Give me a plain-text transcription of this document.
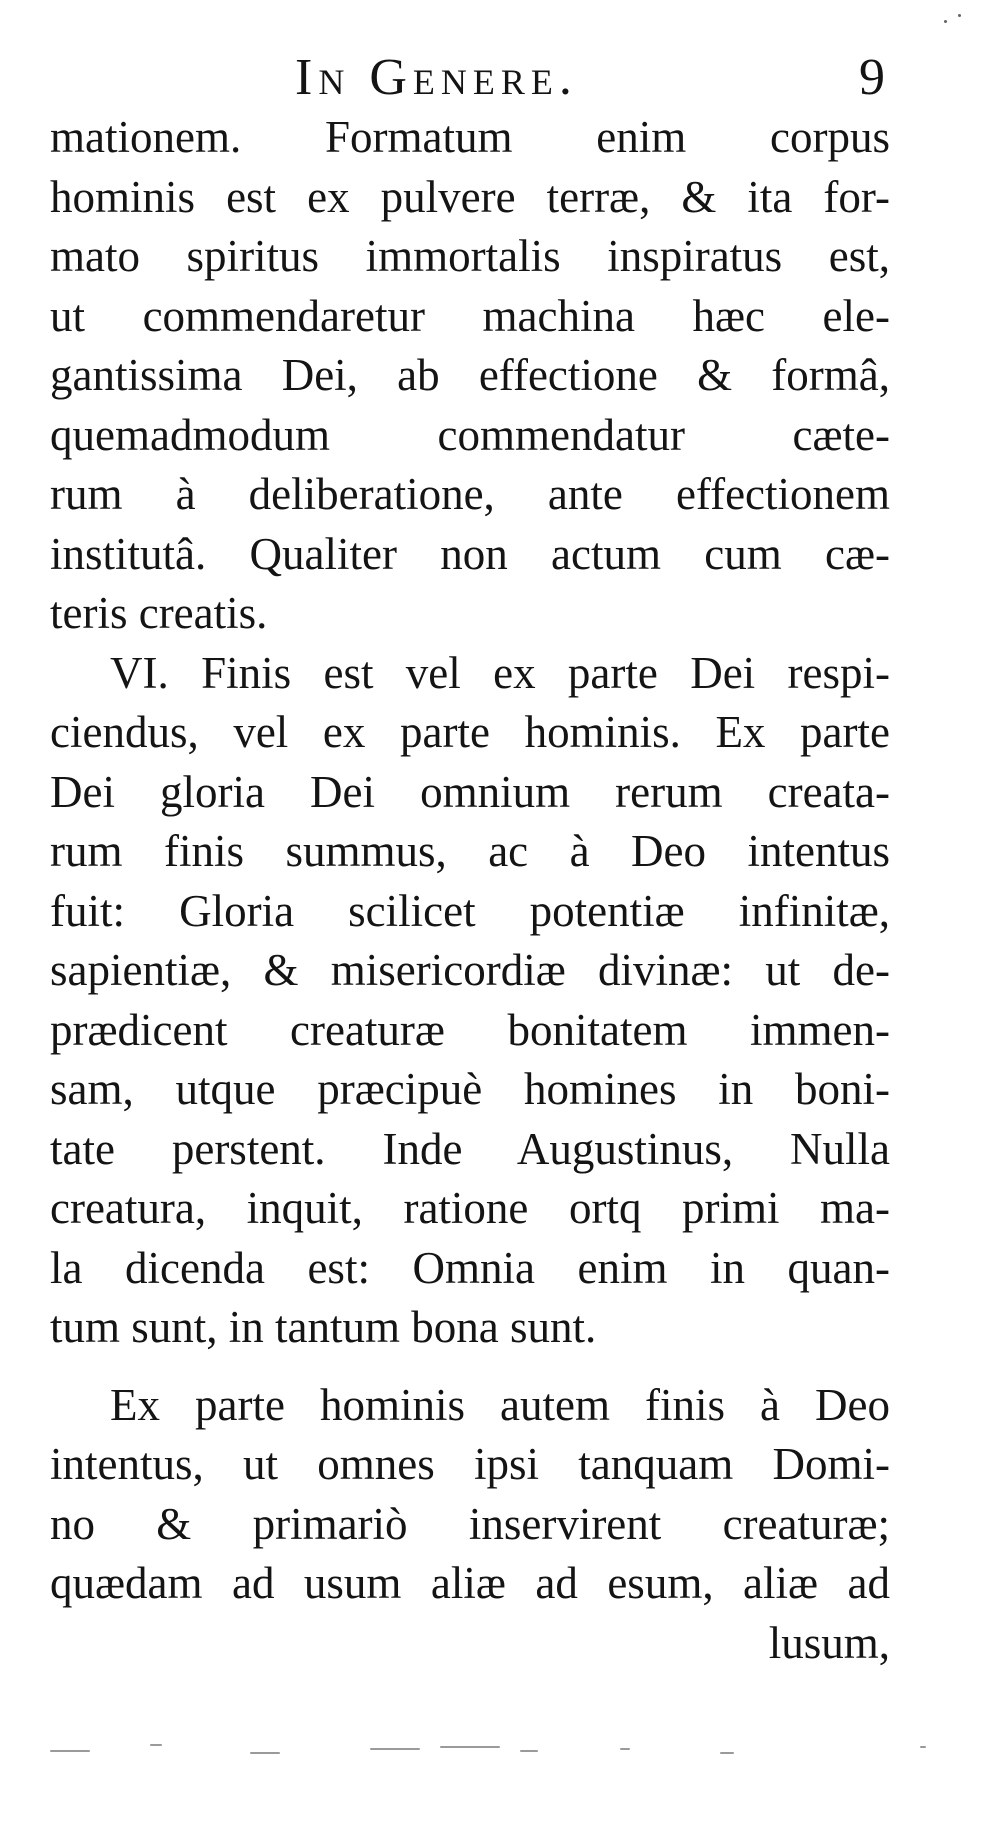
In Genere.	9
mationem. Formatum enim corpus
hominis est ex pulvere terræ, & ita for-
mato spiritus immortalis inspiratus est,
ut commendaretur machina hæc ele-
gantissima Dei, ab effectione & formâ,
quemadmodum commendatur cæte-
rum à deliberatione, ante effectionem
institutâ. Qualiter non actum cum cæ-
teris creatis.
VI. Finis est vel ex parte Dei respi-
ciendus, vel ex parte hominis. Ex parte
Dei gloria Dei omnium rerum creata-
rum finis summus, ac à Deo intentus
fuit: Gloria scilicet potentiæ infinitæ,
sapientiæ, & misericordiæ divinæ: ut de-
prædicent creaturæ bonitatem immen-
sam, utque præcipuè homines in boni-
tate perstent. Inde Augustinus, Nulla
creatura, inquit, ratione ortq primi ma-
la dicenda est: Omnia enim in quan-
tum sunt, in tantum bona sunt.
Ex parte hominis autem finis à Deo
intentus, ut omnes ipsi tanquam Domi-
no & primariò inservirent creaturæ;
quædam ad usum aliæ ad esum, aliæ ad
lusum,
